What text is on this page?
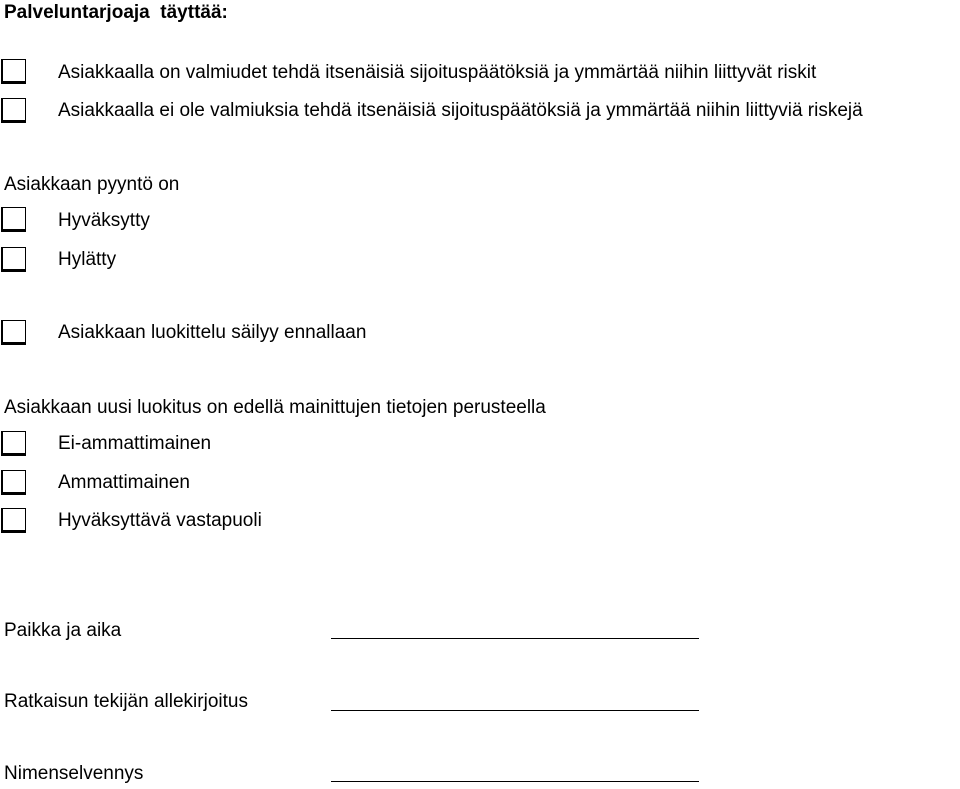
Palveluntarjoaja  täyttää:
Asiakkaalla on valmiudet tehdä itsenäisiä sijoituspäätöksiä ja ymmärtää niihin liittyvät riskit
Asiakkaalla ei ole valmiuksia tehdä itsenäisiä sijoituspäätöksiä ja ymmärtää niihin liittyviä riskejä
Asiakkaan pyyntö on
Hyväksytty
Hylätty
Asiakkaan luokittelu säilyy ennallaan
Asiakkaan uusi luokitus on edellä mainittujen tietojen perusteella
Ei-ammattimainen
Ammattimainen
Hyväksyttävä vastapuoli
Paikka ja aika
Ratkaisun tekijän allekirjoitus
Nimenselvennys
